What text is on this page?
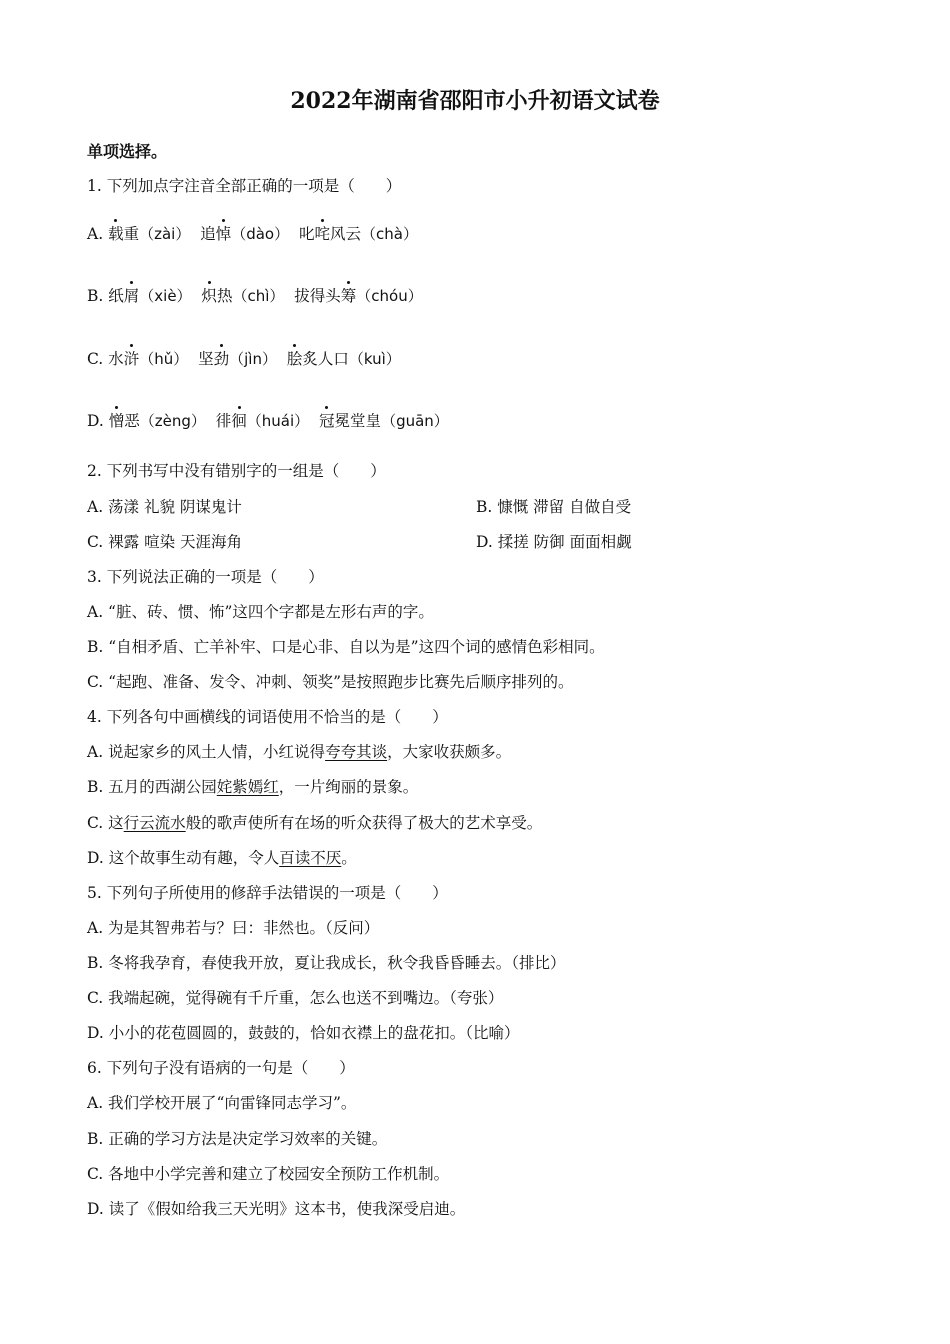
2022年湖南省邵阳市小升初语文试卷
单项选择。
1. 下列加点字注音全部正确的一项是（　　）
A. 载重（zài） 追悼（dào） 叱咤风云（chà）
B. 纸屑（xiè） 炽热（chì） 拔得头筹（chóu）
C. 水浒（hǔ） 坚劲（jìn） 脍炙人口（kuì）
D. 憎恶（zèng） 徘徊（huái） 冠冕堂皇（guān）
2. 下列书写中没有错别字的一组是（　　）
A. 荡漾 礼貌 阴谋鬼计	B. 慷慨 滞留 自做自受
C. 裸露 喧染 天涯海角	D. 揉搓 防御 面面相觑
3. 下列说法正确的一项是（　　）
A. “脏、砖、惯、怖”这四个字都是左形右声的字。
B. “自相矛盾、亡羊补牢、口是心非、自以为是”这四个词的感情色彩相同。
C. “起跑、准备、发令、冲刺、领奖”是按照跑步比赛先后顺序排列的。
4. 下列各句中画横线的词语使用不恰当的是（　　）
A. 说起家乡的风土人情，小红说得夸夸其谈，大家收获颇多。
B. 五月的西湖公园姹紫嫣红，一片绚丽的景象。
C. 这行云流水般的歌声使所有在场的听众获得了极大的艺术享受。
D. 这个故事生动有趣，令人百读不厌。
5. 下列句子所使用的修辞手法错误的一项是（　　）
A. 为是其智弗若与？曰：非然也。（反问）
B. 冬将我孕育，春使我开放，夏让我成长，秋令我昏昏睡去。（排比）
C. 我端起碗，觉得碗有千斤重，怎么也送不到嘴边。（夸张）
D. 小小的花苞圆圆的，鼓鼓的，恰如衣襟上的盘花扣。（比喻）
6. 下列句子没有语病的一句是（　　）
A. 我们学校开展了“向雷锋同志学习”。
B. 正确的学习方法是决定学习效率的关键。
C. 各地中小学完善和建立了校园安全预防工作机制。
D. 读了《假如给我三天光明》这本书，使我深受启迪。
